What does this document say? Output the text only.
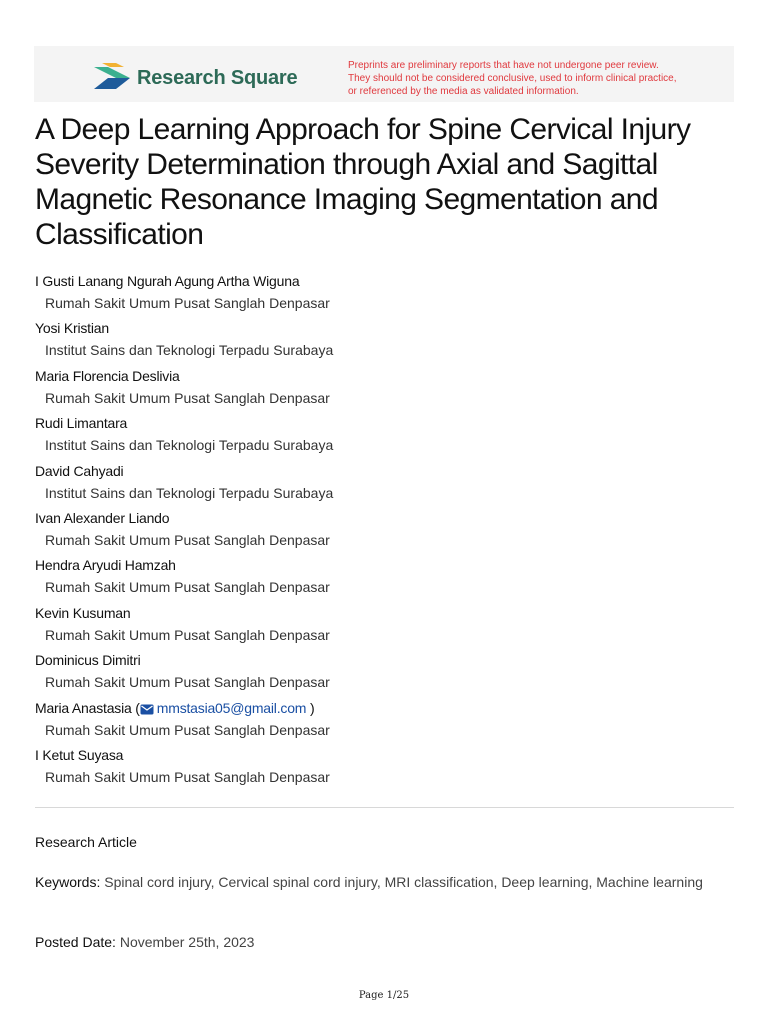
Research Square
Preprints are preliminary reports that have not undergone peer review.
They should not be considered conclusive, used to inform clinical practice,
or referenced by the media as validated information.
A Deep Learning Approach for Spine Cervical Injury Severity Determination through Axial and Sagittal Magnetic Resonance Imaging Segmentation and Classification
I Gusti Lanang Ngurah Agung Artha Wiguna
Rumah Sakit Umum Pusat Sanglah Denpasar
Yosi Kristian
Institut Sains dan Teknologi Terpadu Surabaya
Maria Florencia Deslivia
Rumah Sakit Umum Pusat Sanglah Denpasar
Rudi Limantara
Institut Sains dan Teknologi Terpadu Surabaya
David Cahyadi
Institut Sains dan Teknologi Terpadu Surabaya
Ivan Alexander Liando
Rumah Sakit Umum Pusat Sanglah Denpasar
Hendra Aryudi Hamzah
Rumah Sakit Umum Pusat Sanglah Denpasar
Kevin Kusuman
Rumah Sakit Umum Pusat Sanglah Denpasar
Dominicus Dimitri
Rumah Sakit Umum Pusat Sanglah Denpasar
Maria Anastasia ( mmstasia05@gmail.com )
Rumah Sakit Umum Pusat Sanglah Denpasar
I Ketut Suyasa
Rumah Sakit Umum Pusat Sanglah Denpasar
Research Article
Keywords: Spinal cord injury, Cervical spinal cord injury, MRI classification, Deep learning, Machine learning
Posted Date: November 25th, 2023
Page 1/25
